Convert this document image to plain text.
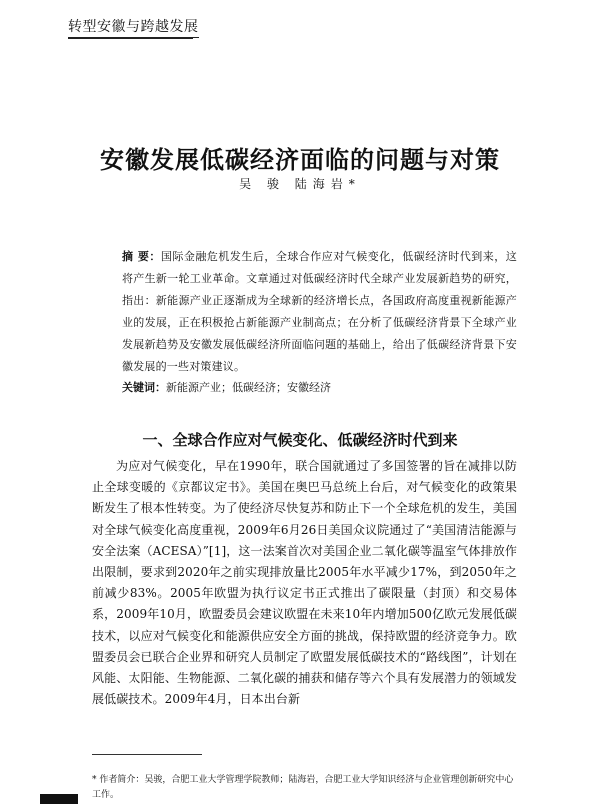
转型安徽与跨越发展
安徽发展低碳经济面临的问题与对策
吴 骏 陆海岩*
摘 要：国际金融危机发生后，全球合作应对气候变化，低碳经济时代到来，这将产生新一轮工业革命。文章通过对低碳经济时代全球产业发展新趋势的研究，指出：新能源产业正逐渐成为全球新的经济增长点，各国政府高度重视新能源产业的发展，正在积极抢占新能源产业制高点；在分析了低碳经济背景下全球产业发展新趋势及安徽发展低碳经济所面临问题的基础上，给出了低碳经济背景下安徽发展的一些对策建议。
关键词：新能源产业；低碳经济；安徽经济
一、全球合作应对气候变化、低碳经济时代到来

为应对气候变化，早在1990年，联合国就通过了多国签署的旨在减排以防止全球变暖的《京都议定书》。美国在奥巴马总统上台后，对气候变化的政策果断发生了根本性转变。为了使经济尽快复苏和防止下一个全球危机的发生，美国对全球气候变化高度重视，2009年6月26日美国众议院通过了“美国清洁能源与安全法案（ACESA）”[1]，这一法案首次对美国企业二氧化碳等温室气体排放作出限制，要求到2020年之前实现排放量比2005年水平减少17%，到2050年之前减少83%。2005年欧盟为执行议定书正式推出了碳限量（封顶）和交易体系，2009年10月，欧盟委员会建议欧盟在未来10年内增加500亿欧元发展低碳技术，以应对气候变化和能源供应安全方面的挑战，保持欧盟的经济竞争力。欧盟委员会已联合企业界和研究人员制定了欧盟发展低碳技术的“路线图”，计划在风能、太阳能、生物能源、二氧化碳的捕获和储存等六个具有发展潜力的领域发展低碳技术。2009年4月，日本出台新

* 作者简介：吴骏，合肥工业大学管理学院教师；陆海岩，合肥工业大学知识经济与企业管理创新研究中心工作。
